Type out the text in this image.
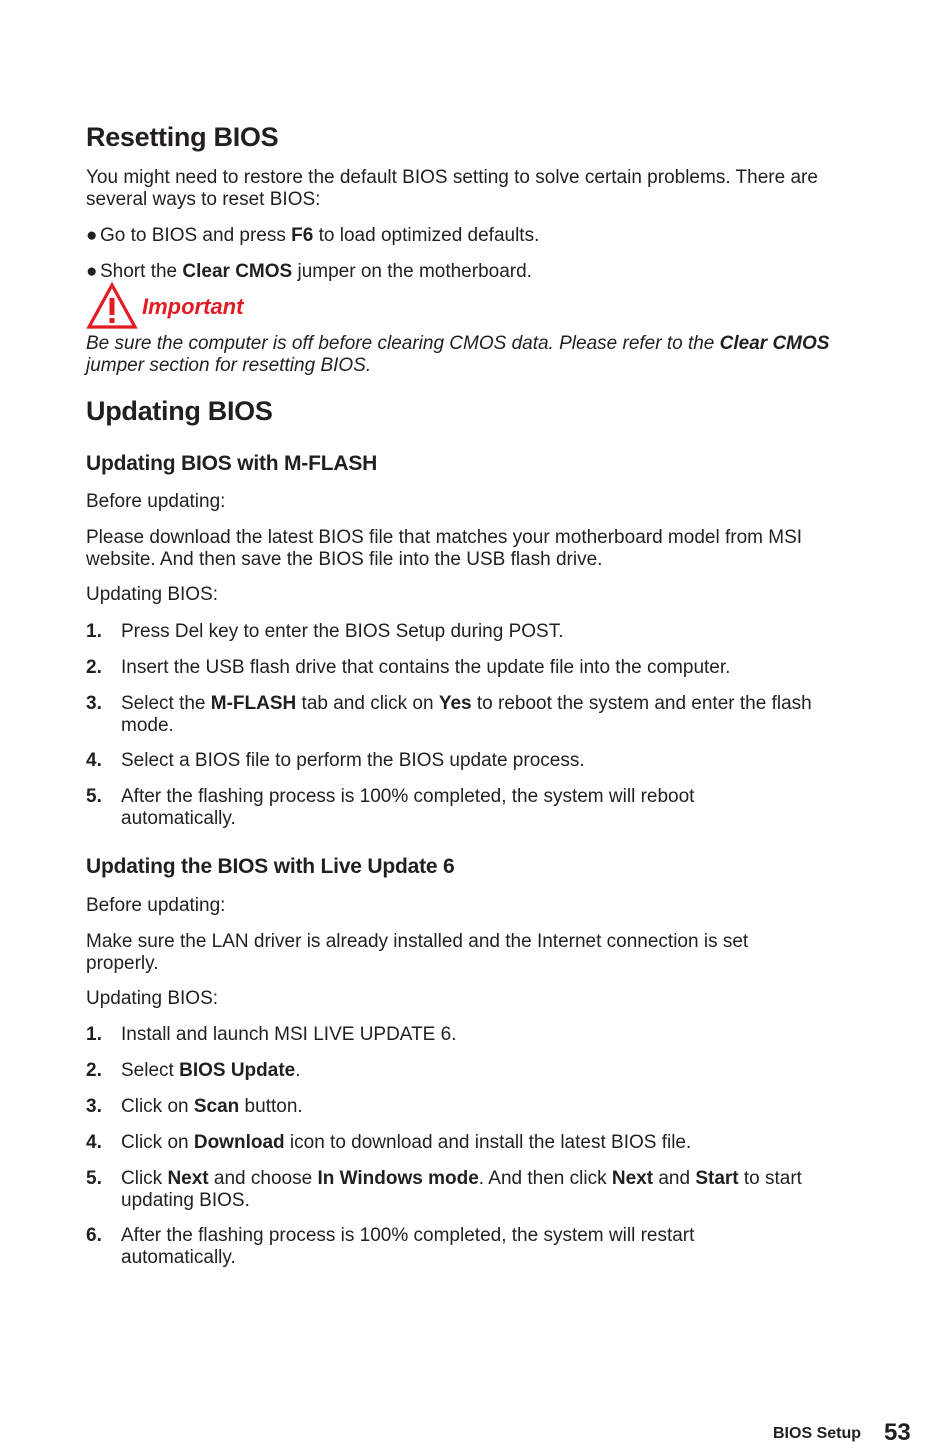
Resetting BIOS
You might need to restore the default BIOS setting to solve certain problems. There are several ways to reset BIOS:
● Go to BIOS and press F6 to load optimized defaults.
● Short the Clear CMOS jumper on the motherboard.
Important
Be sure the computer is off before clearing CMOS data. Please refer to the Clear CMOS jumper section for resetting BIOS.
Updating BIOS
Updating BIOS with M-FLASH
Before updating:
Please download the latest BIOS file that matches your motherboard model from MSI website. And then save the BIOS file into the USB flash drive.
Updating BIOS:
1. Press Del key to enter the BIOS Setup during POST.
2. Insert the USB flash drive that contains the update file into the computer.
3. Select the M-FLASH tab and click on Yes to reboot the system and enter the flash mode.
4. Select a BIOS file to perform the BIOS update process.
5. After the flashing process is 100% completed, the system will reboot automatically.
Updating the BIOS with Live Update 6
Before updating:
Make sure the LAN driver is already installed and the Internet connection is set properly.
Updating BIOS:
1. Install and launch MSI LIVE UPDATE 6.
2. Select BIOS Update.
3. Click on Scan button.
4. Click on Download icon to download and install the latest BIOS file.
5. Click Next and choose In Windows mode. And then click Next and Start to start updating BIOS.
6. After the flashing process is 100% completed, the system will restart automatically.
BIOS Setup 53
